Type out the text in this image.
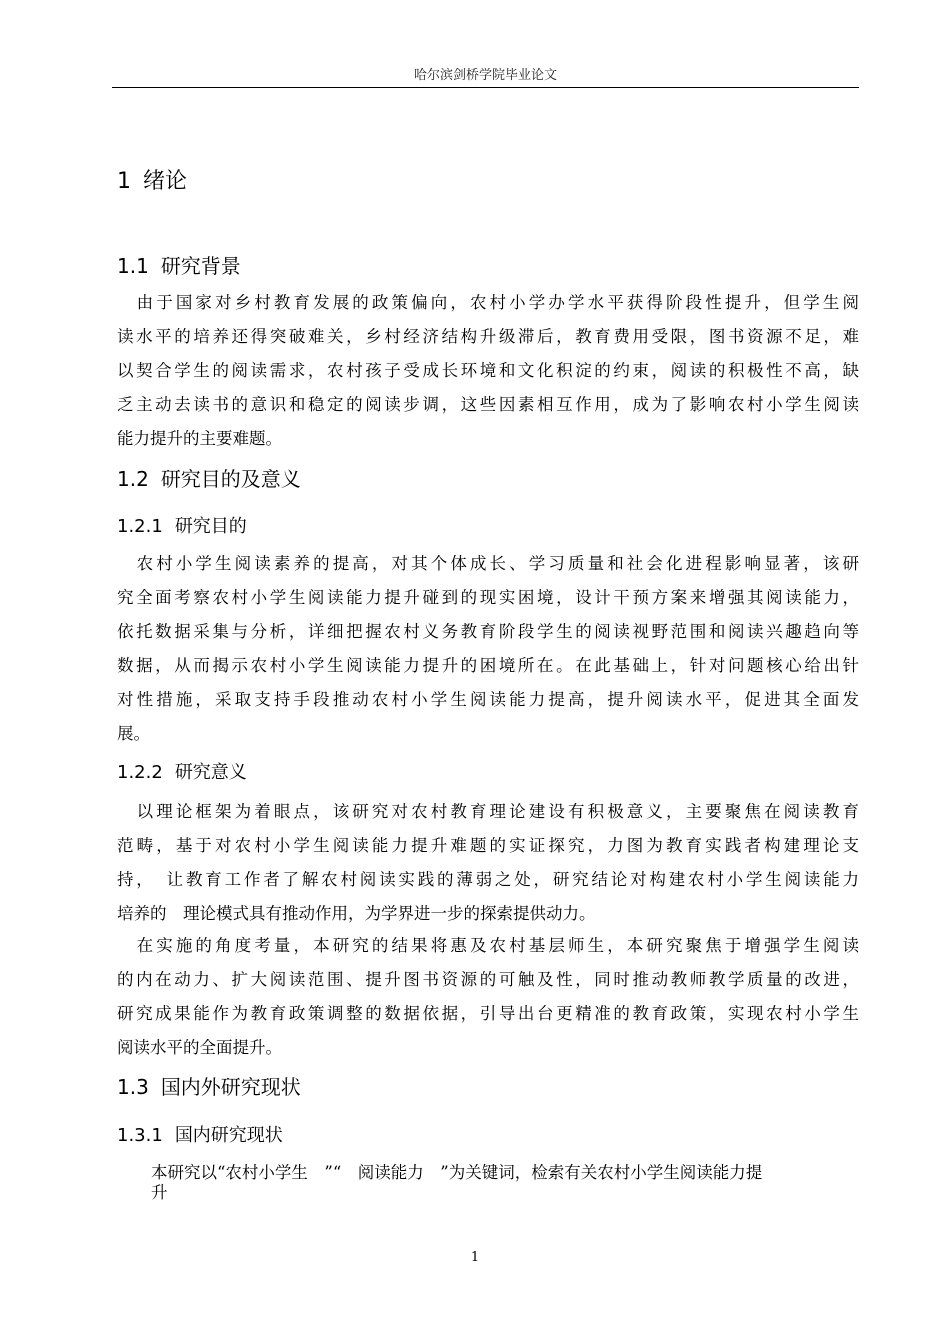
哈尔滨剑桥学院毕业论文
1 绪论
1.1 研究背景
　由于国家对乡村教育发展的政策偏向，农村小学办学水平获得阶段性提升，但学生阅
读水平的培养还得突破难关，乡村经济结构升级滞后，教育费用受限，图书资源不足，难
以契合学生的阅读需求，农村孩子受成长环境和文化积淀的约束，阅读的积极性不高，缺
乏主动去读书的意识和稳定的阅读步调，这些因素相互作用，成为了影响农村小学生阅读
能力提升的主要难题。
1.2 研究目的及意义
1.2.1 研究目的
　农村小学生阅读素养的提高，对其个体成长、学习质量和社会化进程影响显著，该研
究全面考察农村小学生阅读能力提升碰到的现实困境，设计干预方案来增强其阅读能力，
依托数据采集与分析，详细把握农村义务教育阶段学生的阅读视野范围和阅读兴趣趋向等
数据，从而揭示农村小学生阅读能力提升的困境所在。在此基础上，针对问题核心给出针
对性措施，采取支持手段推动农村小学生阅读能力提高，提升阅读水平，促进其全面发
展。
1.2.2 研究意义
　以理论框架为着眼点，该研究对农村教育理论建设有积极意义，主要聚焦在阅读教育
范畴，基于对农村小学生阅读能力提升难题的实证探究，力图为教育实践者构建理论支
持，　让教育工作者了解农村阅读实践的薄弱之处，研究结论对构建农村小学生阅读能力
培养的　理论模式具有推动作用，为学界进一步的探索提供动力。
　在实施的角度考量，本研究的结果将惠及农村基层师生，本研究聚焦于增强学生阅读
的内在动力、扩大阅读范围、提升图书资源的可触及性，同时推动教师教学质量的改进，
研究成果能作为教育政策调整的数据依据，引导出台更精准的教育政策，实现农村小学生
阅读水平的全面提升。
1.3 国内外研究现状
1.3.1 国内研究现状
本研究以“农村小学生　”“　阅读能力　”为关键词，检索有关农村小学生阅读能力提
升
1
